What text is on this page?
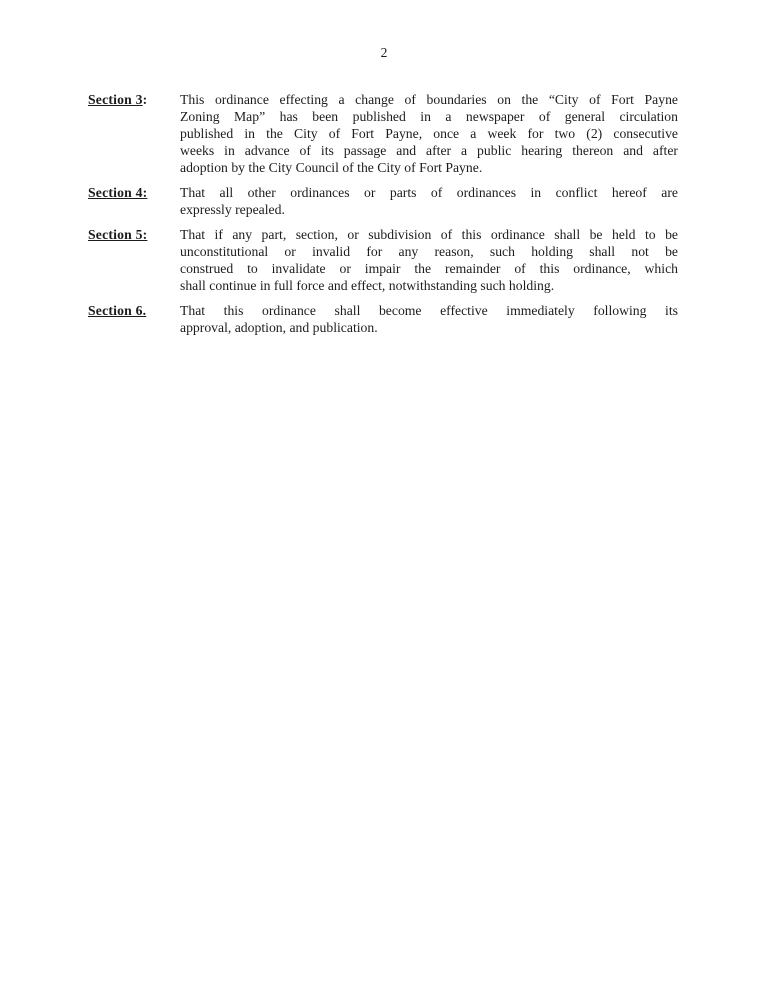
2
Section 3:	This ordinance effecting a change of boundaries on the “City of Fort Payne
Zoning Map” has been published in a newspaper of general circulation
published in the City of Fort Payne, once a week for two (2) consecutive
weeks in advance of its passage and after a public hearing thereon and after
adoption by the City Council of the City of Fort Payne.
Section 4:	That all other ordinances or parts of ordinances in conflict hereof are
expressly repealed.
Section 5:	That if any part, section, or subdivision of this ordinance shall be held to be
unconstitutional or invalid for any reason, such holding shall not be
construed to invalidate or impair the remainder of this ordinance, which
shall continue in full force and effect, notwithstanding such holding.
Section 6.	That this ordinance shall become effective immediately following its
approval, adoption, and publication.
